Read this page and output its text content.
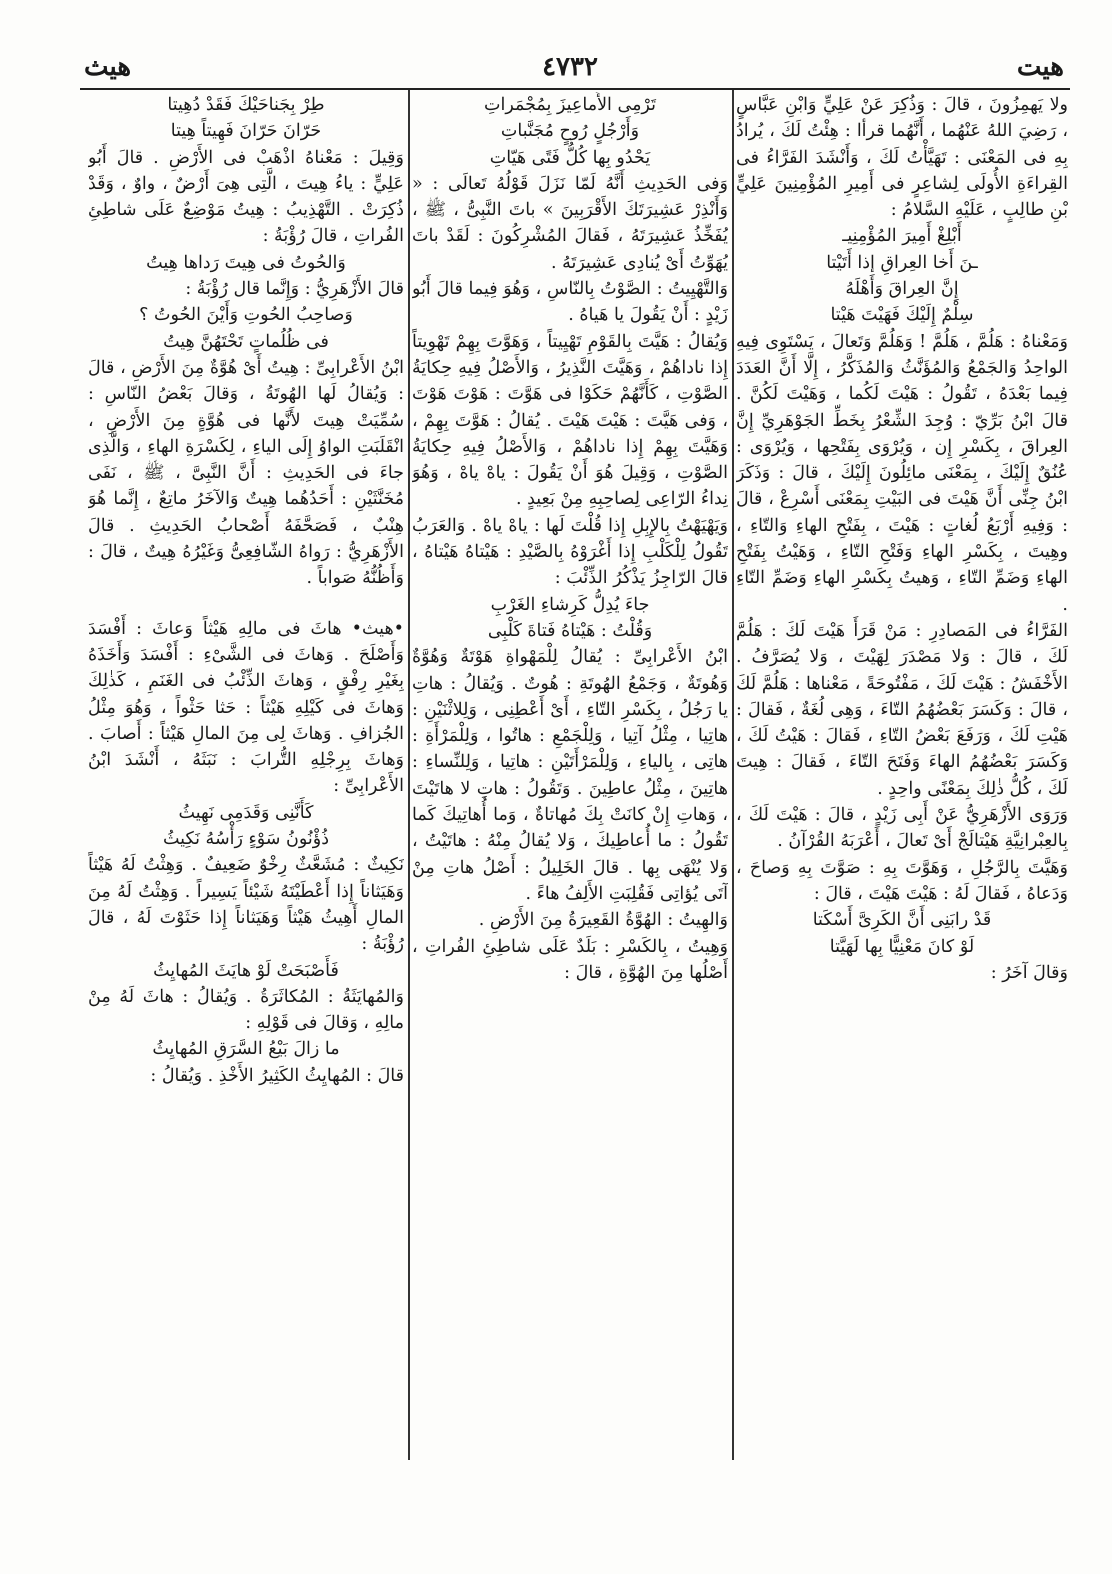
هيث	٤٧٣٢	هيت

ولا يَهمِزُونَ ، قالَ : وَذُكِرَ عَنْ عَلِيٍّ وَابْنِ عَبَّاسٍ ، رَضِيَ اللهُ عَنْهُما ، أَنَّهُما قرأا : هِئْتُ لَكَ ، يُرادُ بِهِ فى المَعْنَى : تَهَيَّأْتُ لَكَ ، وَأَنْشَدَ الفَرَّاءُ فى القِراءَةِ الأُولَى لِشاعِرٍ فى أَمِيرِ المُؤْمِنِينَ عَلِيٍّ بْنِ طالِبٍ ، عَلَيْهِ السَّلامُ :

أَبْلِغْ أَمِيرَ المُؤْمِنِيـ

ـنَ أَخا العِراقِ إذا أَتَيْتا

إِنَّ العِراقَ وَأَهْلَهُ

سِلْمٌ إِلَيْكَ فَهَيْتَ هَيْتا

وَمَعْناهُ : هَلُمَّ ، هَلُمَّ ! وَهَلُمَّ وَتَعالَ ، يَسْتَوِى فِيهِ الواحِدُ وَالجَمْعُ وَالمُؤَنَّثُ وَالمُذَكَّرُ ، إِلَّا أَنَّ العَدَدَ فِيما بَعْدَهُ ، تَقُولُ : هَيْتَ لَكُما ، وَهَيْتَ لَكُنَّ . قالَ ابْنُ بَرِّيّ : وُجِدَ الشِّعْرُ بِخَطِّ الجَوْهَرِيِّ إِنَّ العِراقَ ، بِكَسْرِ إِن ، وَيُرْوَى بِفَتْحِها ، وَيُرْوَى : عُنُقٌ إِلَيْكَ ، بِمَعْنَى مائِلُونَ إِلَيْكَ ، قالَ : وَذَكَرَ ابْنُ جِنِّى أَنَّ هَيْتَ فى البَيْتِ بِمَعْنَى أَسْرِعْ ، قالَ : وَفِيهِ أَرْبَعُ لُغاتٍ : هَيْتَ ، بِفَتْحِ الهاءِ وَالتّاءِ ، وهِيتَ ، بِكَسْرِ الهاءِ وَفَتْحِ التّاءِ ، وَهَيْتُ بِفَتْحِ الهاءِ وَضَمِّ التّاءِ ، وَهيتُ بِكَسْرِ الهاءِ وَضَمِّ التّاءِ .

الفَرَّاءُ فى المَصادِرِ : مَنْ قَرَأَ هَيْتَ لَكَ : هَلُمَّ لَكَ ، قالَ : وَلا مَصْدَرَ لِهَيْتَ ، وَلا يُصَرَّفُ . الأَخْفَشُ : هَيْتَ لَكَ ، مَفْتُوحَةً ، مَعْناها : هَلُمَّ لَكَ ، قالَ : وَكَسَرَ بَعْضُهُمُ التّاءَ ، وَهِى لُغَةٌ ، فَقالَ : هَيْتِ لَكَ ، وَرَفَعَ بَعْضُ التّاءِ ، فَقالَ : هَيْتُ لَكَ ، وَكَسَرَ بَعْضُهُمُ الهاءَ وَفَتَحَ التّاءَ ، فَقالَ : هِيتَ لَكَ ، كُلُّ ذٰلِكَ بِمَعْنًى واحِدٍ .

وَرَوَى الأَزْهَرِيُّ عَنْ أَبِى زَيْدٍ ، قالَ : هَيْتَ لَكَ ، بِالعِبْرانِيَّةِ هَيْتالَجْ أَىْ تَعالَ ، أَعْرَبَهُ القُرْآنُ .

وَهَيَّتَ بِالرَّجُلِ ، وَهَوَّتَ بِهِ : صَوَّتَ بِهِ وَصاحَ ، وَدَعاهُ ، فَقالَ لَهُ : هَيْتَ هَيْتَ ، قالَ :

قَدْ رابَنِى أَنَّ الكَرِىَّ أَسْكَتا

لَوْ كانَ مَعْنِيًّا بِها لَهَيَّتا

وَقالَ آخَرُ :

تَرْمِى الأَماعِيزَ بِمُجْمَراتِ

وَأَرْجُلٍ رُوحٍ مُجَنَّباتِ

يَحْدُو بِها كُلُّ فَتًى هَيّاتِ

وَفى الحَدِيثِ أَنَّهُ لَمّا نَزَلَ قَوْلُهُ تَعالَى : « وَأَنْذِرْ عَشِيرَتَكَ الأَقْرَبِينَ » باتَ النَّبِىُّ ، ﷺ ، يُفَخِّذُ عَشِيرَتَهُ ، فَقالَ المُشْرِكُونَ : لَقَدْ باتَ يُهَوِّتُ أَىْ يُنادِى عَشِيرَتَهُ .

وَالتَّهْيِيتُ : الصَّوْتُ بِالنّاسِ ، وَهُوَ فِيما قالَ أَبُو زَيْدٍ : أَنْ يَقُولَ يا هَياهُ .

وَيُقالُ : هَيَّتَ بِالقَوْمِ تَهْيِيتاً ، وَهَوَّتَ بِهِمْ تَهْوِيتاً إِذا ناداهُمْ ، وَهَيَّتَ النَّذِيرُ ، وَالأَصْلُ فِيهِ حِكايَةُ الصَّوْتِ ، كَأَنَّهُمْ حَكَوْا فى هَوَّتَ : هَوْتَ هَوْتَ ، وَفى هَيَّتَ : هَيْتَ هَيْتَ . يُقالُ : هَوَّتَ بِهِمْ ، وَهَيَّتَ بِهِمْ إِذا ناداهُمْ ، وَالأَصْلُ فِيهِ حِكايَةُ الصَّوْتِ ، وَقِيلَ هُوَ أَنْ يَقُولَ : ياهْ ياهْ ، وَهُوَ نِداءُ الرّاعِى لِصاحِبِهِ مِنْ بَعِيدٍ .

وَيَهْيَهْتُ بِالإِبِلِ إِذا قُلْتَ لَها : ياهْ ياهْ . وَالعَرَبُ تَقُولُ لِلْكَلْبِ إِذا أَغْرَوْهُ بِالصَّيْدِ : هَيْتاهُ هَيْتاهُ ، قالَ الرّاجِزُ يَذْكُرُ الذِّئْبَ :

جاءَ يُدِلُّ كَرِشاءِ الغَرْبِ

وَقُلْتُ : هَيْتاهُ فَتاةَ كَلْبِى

ابْنُ الأَعْرابِىِّ : يُقالُ لِلْمَهْواةِ هَوْتَةٌ وَهُوَّةٌ وَهُوتَةٌ ، وَجَمْعُ الهُوتَةِ : هُوتٌ . وَيُقالُ : هاتِ يا رَجُلُ ، بِكَسْرِ التّاءِ ، أَىْ أَعْطِنِى ، وَلِلاثْنَيْنِ : هاتِيا ، مِثْلُ آتِيا ، وَلِلْجَمْعِ : هاتُوا ، وَلِلْمَرْأَةِ : هاتِى ، بِالياءِ ، وَلِلْمَرْأَتَيْنِ : هاتِيا ، وَلِلنِّساءِ : هاتِينَ ، مِثْلُ عاطِينَ . وَتَقُولُ : هاتِ لا هاتَيْتَ ، وَهاتِ إِنْ كانَتْ بِكَ مُهاتاةٌ ، وَما أُهاتِيكَ كَما تَقُولُ : ما أُعاطِيكَ ، وَلا يُقالُ مِنْهُ : هاتَيْتُ ، وَلا يُنْهَى بِها . قالَ الخَلِيلُ : أَصْلُ هاتِ مِنْ آتَى يُؤاتِى فَقُلِبَتِ الأَلِفُ هاءً .

وَالهِيتُ : الهُوَّةُ القَعِيرَةُ مِنَ الأَرْضِ .

وَهِيتُ ، بِالكَسْرِ : بَلَدٌ عَلَى شاطِئِ الفُراتِ ، أَصْلُها مِنَ الهُوَّةِ ، قالَ :

طِرْ بِجَناحَيْكَ فَقَدْ دُهِيتا

حَرّانَ حَرّانَ فَهِيتاً هِيتا

وَقِيلَ : مَعْناهُ اذْهَبْ فى الأَرْضِ . قالَ أَبُو عَلِيٍّ : ياءُ هِيتَ ، الَّتِى هِىَ أَرْضٌ ، واوٌ ، وَقَدْ ذُكِرَتْ . التَّهْذِيبُ : هِيتُ مَوْضِعٌ عَلَى شاطِئِ الفُراتِ ، قالَ رُؤْبَةُ :

وَالحُوتُ فى هِيتَ رَداها هِيتُ

قالَ الأَزْهَرِيُّ : وَإِنَّما قال رُؤْبَةُ :

وَصاحِبُ الحُوتِ وَأَيْنَ الحُوتُ ؟

فى ظُلُماتٍ تَحْتَهُنَّ هِيتُ

ابْنُ الأَعْرابِىِّ : هِيتُ أَىْ هُوَّةٌ مِنَ الأَرْضِ ، قالَ : وَيُقالُ لَها الهُوتَةُ ، وَقالَ بَعْضُ النّاسِ : سُمِّيَتْ هِيتَ لأَنَّها فى هُوَّةٍ مِنَ الأَرْضِ ، انْقَلَبَتِ الواوُ إِلَى الياءِ ، لِكَسْرَةِ الهاءِ ، وَالَّذِى جاءَ فى الحَدِيثِ : أَنَّ النَّبِىَّ ، ﷺ ، نَفَى مُخَنَّثَيْنِ : أَحَدُهُما هِيتٌ وَالآخَرُ ماتِعٌ ، إِنَّما هُوَ هِنْبٌ ، فَصَحَّفَهُ أَصْحابُ الحَدِيثِ . قالَ الأَزْهَرِيُّ : رَواهُ الشّافِعِىُّ وَغَيْرُهُ هِيتٌ ، قالَ : وَأَظُنُّهُ صَواباً .

•هيث• هاثَ فى مالِهِ هَيْثاً وَعاثَ : أَفْسَدَ وَأَصْلَحَ . وَهاثَ فى الشَّىْءِ : أَفْسَدَ وَأَخَذَهُ بِغَيْرِ رِفْقٍ ، وَهاثَ الذِّئْبُ فى الغَنَمِ ، كَذٰلِكَ وَهاثَ فى كَيْلِهِ هَيْثاً : حَثا حَثْواً ، وَهُوَ مِثْلُ الجُزافِ . وَهاثَ لِى مِنَ المالِ هَيْثاً : أَصابَ . وَهاثَ بِرِجْلِهِ التُّرابَ : نَبَثَهُ ، أَنْشَدَ ابْنُ الأَعْرابِىِّ :

كَأَنَّنِى وَقَدَمِى نَهِيثُ

ذُؤْنُونُ سَوْءٍ رَأْسُهُ نَكِيثُ

نَكِيثٌ : مُشَعَّثٌ رِخْوٌ ضَعِيفٌ . وَهِثْتُ لَهُ هَيْثاً وَهَيَثاناً إِذا أَعْطَيْتَهُ شَيْئاً يَسِيراً . وَهِثْتُ لَهُ مِنَ المالِ أَهِيثُ هَيْثاً وَهَيَثاناً إِذا حَثَوْتَ لَهُ ، قالَ رُؤْبَةُ :

فَأَصْبَحَتْ لَوْ هايَثَ المُهايِثُ

وَالمُهايَثَةُ : المُكاثَرَةُ . وَيُقالُ : هاثَ لَهُ مِنْ مالِهِ ، وَقالَ فى قَوْلِهِ :

ما زالَ بَيْعُ السَّرَقِ المُهايِثُ

قالَ : المُهايِثُ الكَثِيرُ الأَخْذِ . وَيُقالُ :
